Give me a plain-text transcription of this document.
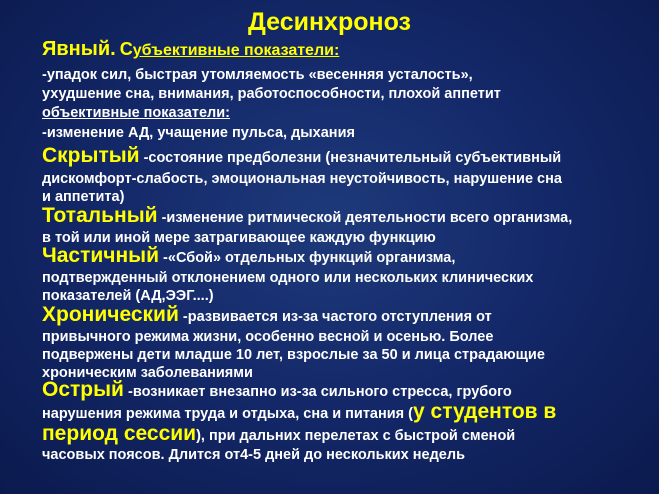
Десинхроноз
Явный. Субъективные показатели:
-упадок сил, быстрая утомляемость «весенняя усталость»,
ухудшение сна, внимания, работоспособности, плохой аппетит
объективные показатели:
-изменение АД, учащение пульса, дыхания
Скрытый -состояние предболезни (незначительный субъективный
дискомфорт-слабость, эмоциональная неустойчивость, нарушение сна
и аппетита)
Тотальный -изменение ритмической деятельности всего организма,
в той или иной мере затрагивающее каждую функцию
Частичный -«Сбой» отдельных функций организма,
подтвержденный отклонением одного или нескольких клинических
показателей (АД,ЭЭГ....)
Хронический -развивается из-за частого отступления от
привычного режима жизни, особенно весной и осенью. Более
подвержены дети младше 10 лет, взрослые за 50 и лица страдающие
хроническим заболеваниями
Острый -возникает внезапно из-за сильного стресса, грубого
нарушения режима труда и отдыха, сна и питания (у студентов в
период сессии), при дальних перелетах с быстрой сменой
часовых поясов. Длится от4-5 дней до нескольких недель
